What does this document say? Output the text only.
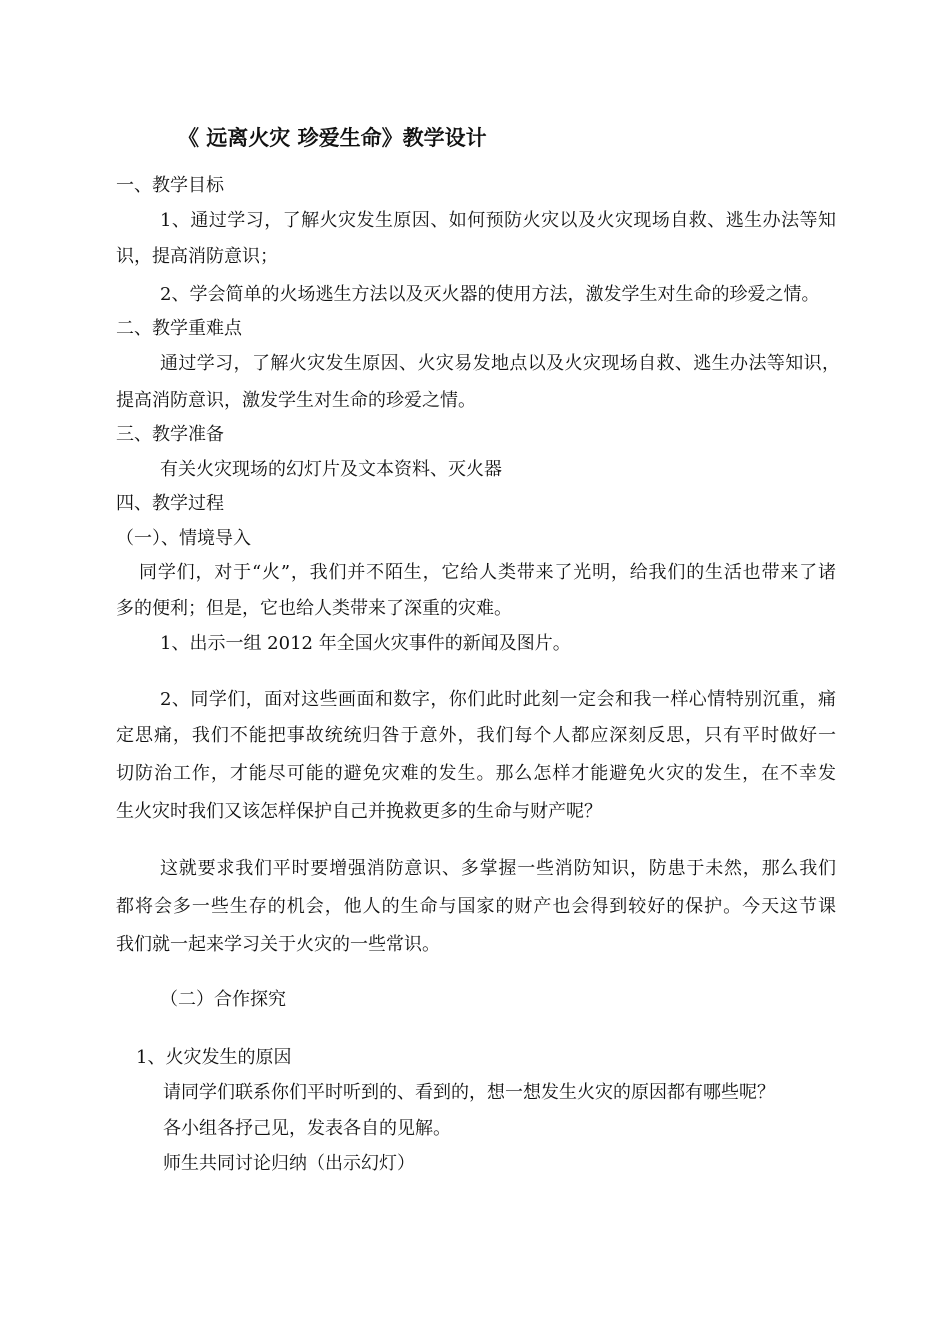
《 远离火灾 珍爱生命》教学设计
一、教学目标
1、通过学习，了解火灾发生原因、如何预防火灾以及火灾现场自救、逃生办法等知
识，提高消防意识；
2、学会简单的火场逃生方法以及灭火器的使用方法，激发学生对生命的珍爱之情。
二、教学重难点
通过学习，了解火灾发生原因、火灾易发地点以及火灾现场自救、逃生办法等知识，
提高消防意识，激发学生对生命的珍爱之情。
三、教学准备
有关火灾现场的幻灯片及文本资料、灭火器
四、教学过程
（一）、情境导入
同学们，对于“火”，我们并不陌生，它给人类带来了光明，给我们的生活也带来了诸
多的便利；但是，它也给人类带来了深重的灾难。
1、出示一组 2012 年全国火灾事件的新闻及图片。
2、同学们，面对这些画面和数字，你们此时此刻一定会和我一样心情特别沉重，痛
定思痛，我们不能把事故统统归咎于意外，我们每个人都应深刻反思，只有平时做好一
切防治工作，才能尽可能的避免灾难的发生。那么怎样才能避免火灾的发生，在不幸发
生火灾时我们又该怎样保护自己并挽救更多的生命与财产呢？
这就要求我们平时要增强消防意识、多掌握一些消防知识，防患于未然，那么我们
都将会多一些生存的机会，他人的生命与国家的财产也会得到较好的保护。今天这节课
我们就一起来学习关于火灾的一些常识。
（二）合作探究
1、火灾发生的原因
请同学们联系你们平时听到的、看到的，想一想发生火灾的原因都有哪些呢？
各小组各抒己见，发表各自的见解。
师生共同讨论归纳（出示幻灯）
